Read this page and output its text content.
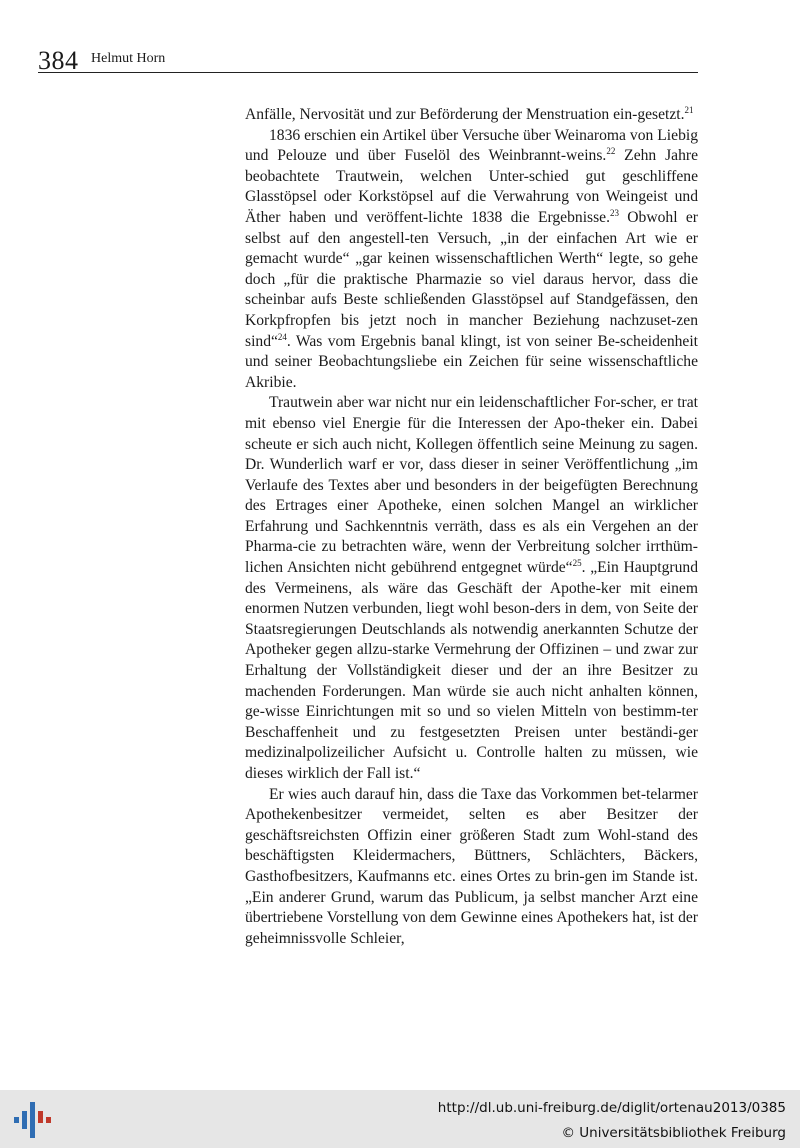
384 Helmut Horn

Anfälle, Nervosität und zur Beförderung der Menstruation ein-gesetzt.$^{21}$

1836 erschien ein Artikel über Versuche über Weinaroma von Liebig und Pelouze und über Fuselöl des Weinbrannt-weins.$^{22}$ Zehn Jahre beobachtete Trautwein, welchen Unter-schied gut geschliffene Glasstöpsel oder Korkstöpsel auf die Verwahrung von Weingeist und Äther haben und veröffent-lichte 1838 die Ergebnisse.$^{23}$ Obwohl er selbst auf den angestell-ten Versuch, „in der einfachen Art wie er gemacht wurde“ „gar keinen wissenschaftlichen Werth“ legte, so gehe doch „für die praktische Pharmazie so viel daraus hervor, dass die scheinbar aufs Beste schließenden Glasstöpsel auf Standgefässen, den Korkpfropfen bis jetzt noch in mancher Beziehung nachzuset-zen sind“$^{24}$. Was vom Ergebnis banal klingt, ist von seiner Be-scheidenheit und seiner Beobachtungsliebe ein Zeichen für seine wissenschaftliche Akribie.

Trautwein aber war nicht nur ein leidenschaftlicher For-scher, er trat mit ebenso viel Energie für die Interessen der Apo-theker ein. Dabei scheute er sich auch nicht, Kollegen öffentlich seine Meinung zu sagen. Dr. Wunderlich warf er vor, dass dieser in seiner Veröffentlichung „im Verlaufe des Textes aber und besonders in der beigefügten Berechnung des Ertrages einer Apotheke, einen solchen Mangel an wirklicher Erfahrung und Sachkenntnis verräth, dass es als ein Vergehen an der Pharma-cie zu betrachten wäre, wenn der Verbreitung solcher irrthüm-lichen Ansichten nicht gebührend entgegnet würde“$^{25}$. „Ein Hauptgrund des Vermeinens, als wäre das Geschäft der Apothe-ker mit einem enormen Nutzen verbunden, liegt wohl beson-ders in dem, von Seite der Staatsregierungen Deutschlands als notwendig anerkannten Schutze der Apotheker gegen allzu-starke Vermehrung der Offizinen – und zwar zur Erhaltung der Vollständigkeit dieser und der an ihre Besitzer zu machenden Forderungen. Man würde sie auch nicht anhalten können, ge-wisse Einrichtungen mit so und so vielen Mitteln von bestimm-ter Beschaffenheit und zu festgesetzten Preisen unter beständi-ger medizinalpolizeilicher Aufsicht u. Controlle halten zu müssen, wie dieses wirklich der Fall ist.“

Er wies auch darauf hin, dass die Taxe das Vorkommen bet-telarmer Apothekenbesitzer vermeidet, selten es aber Besitzer der geschäftsreichsten Offizin einer größeren Stadt zum Wohl-stand des beschäftigsten Kleidermachers, Büttners, Schlächters, Bäckers, Gasthofbesitzers, Kaufmanns etc. eines Ortes zu brin-gen im Stande ist. „Ein anderer Grund, warum das Publicum, ja selbst mancher Arzt eine übertriebene Vorstellung von dem Gewinne eines Apothekers hat, ist der geheimnissvolle Schleier,

http://dl.ub.uni-freiburg.de/diglit/ortenau2013/0385
© Universitätsbibliothek Freiburg
